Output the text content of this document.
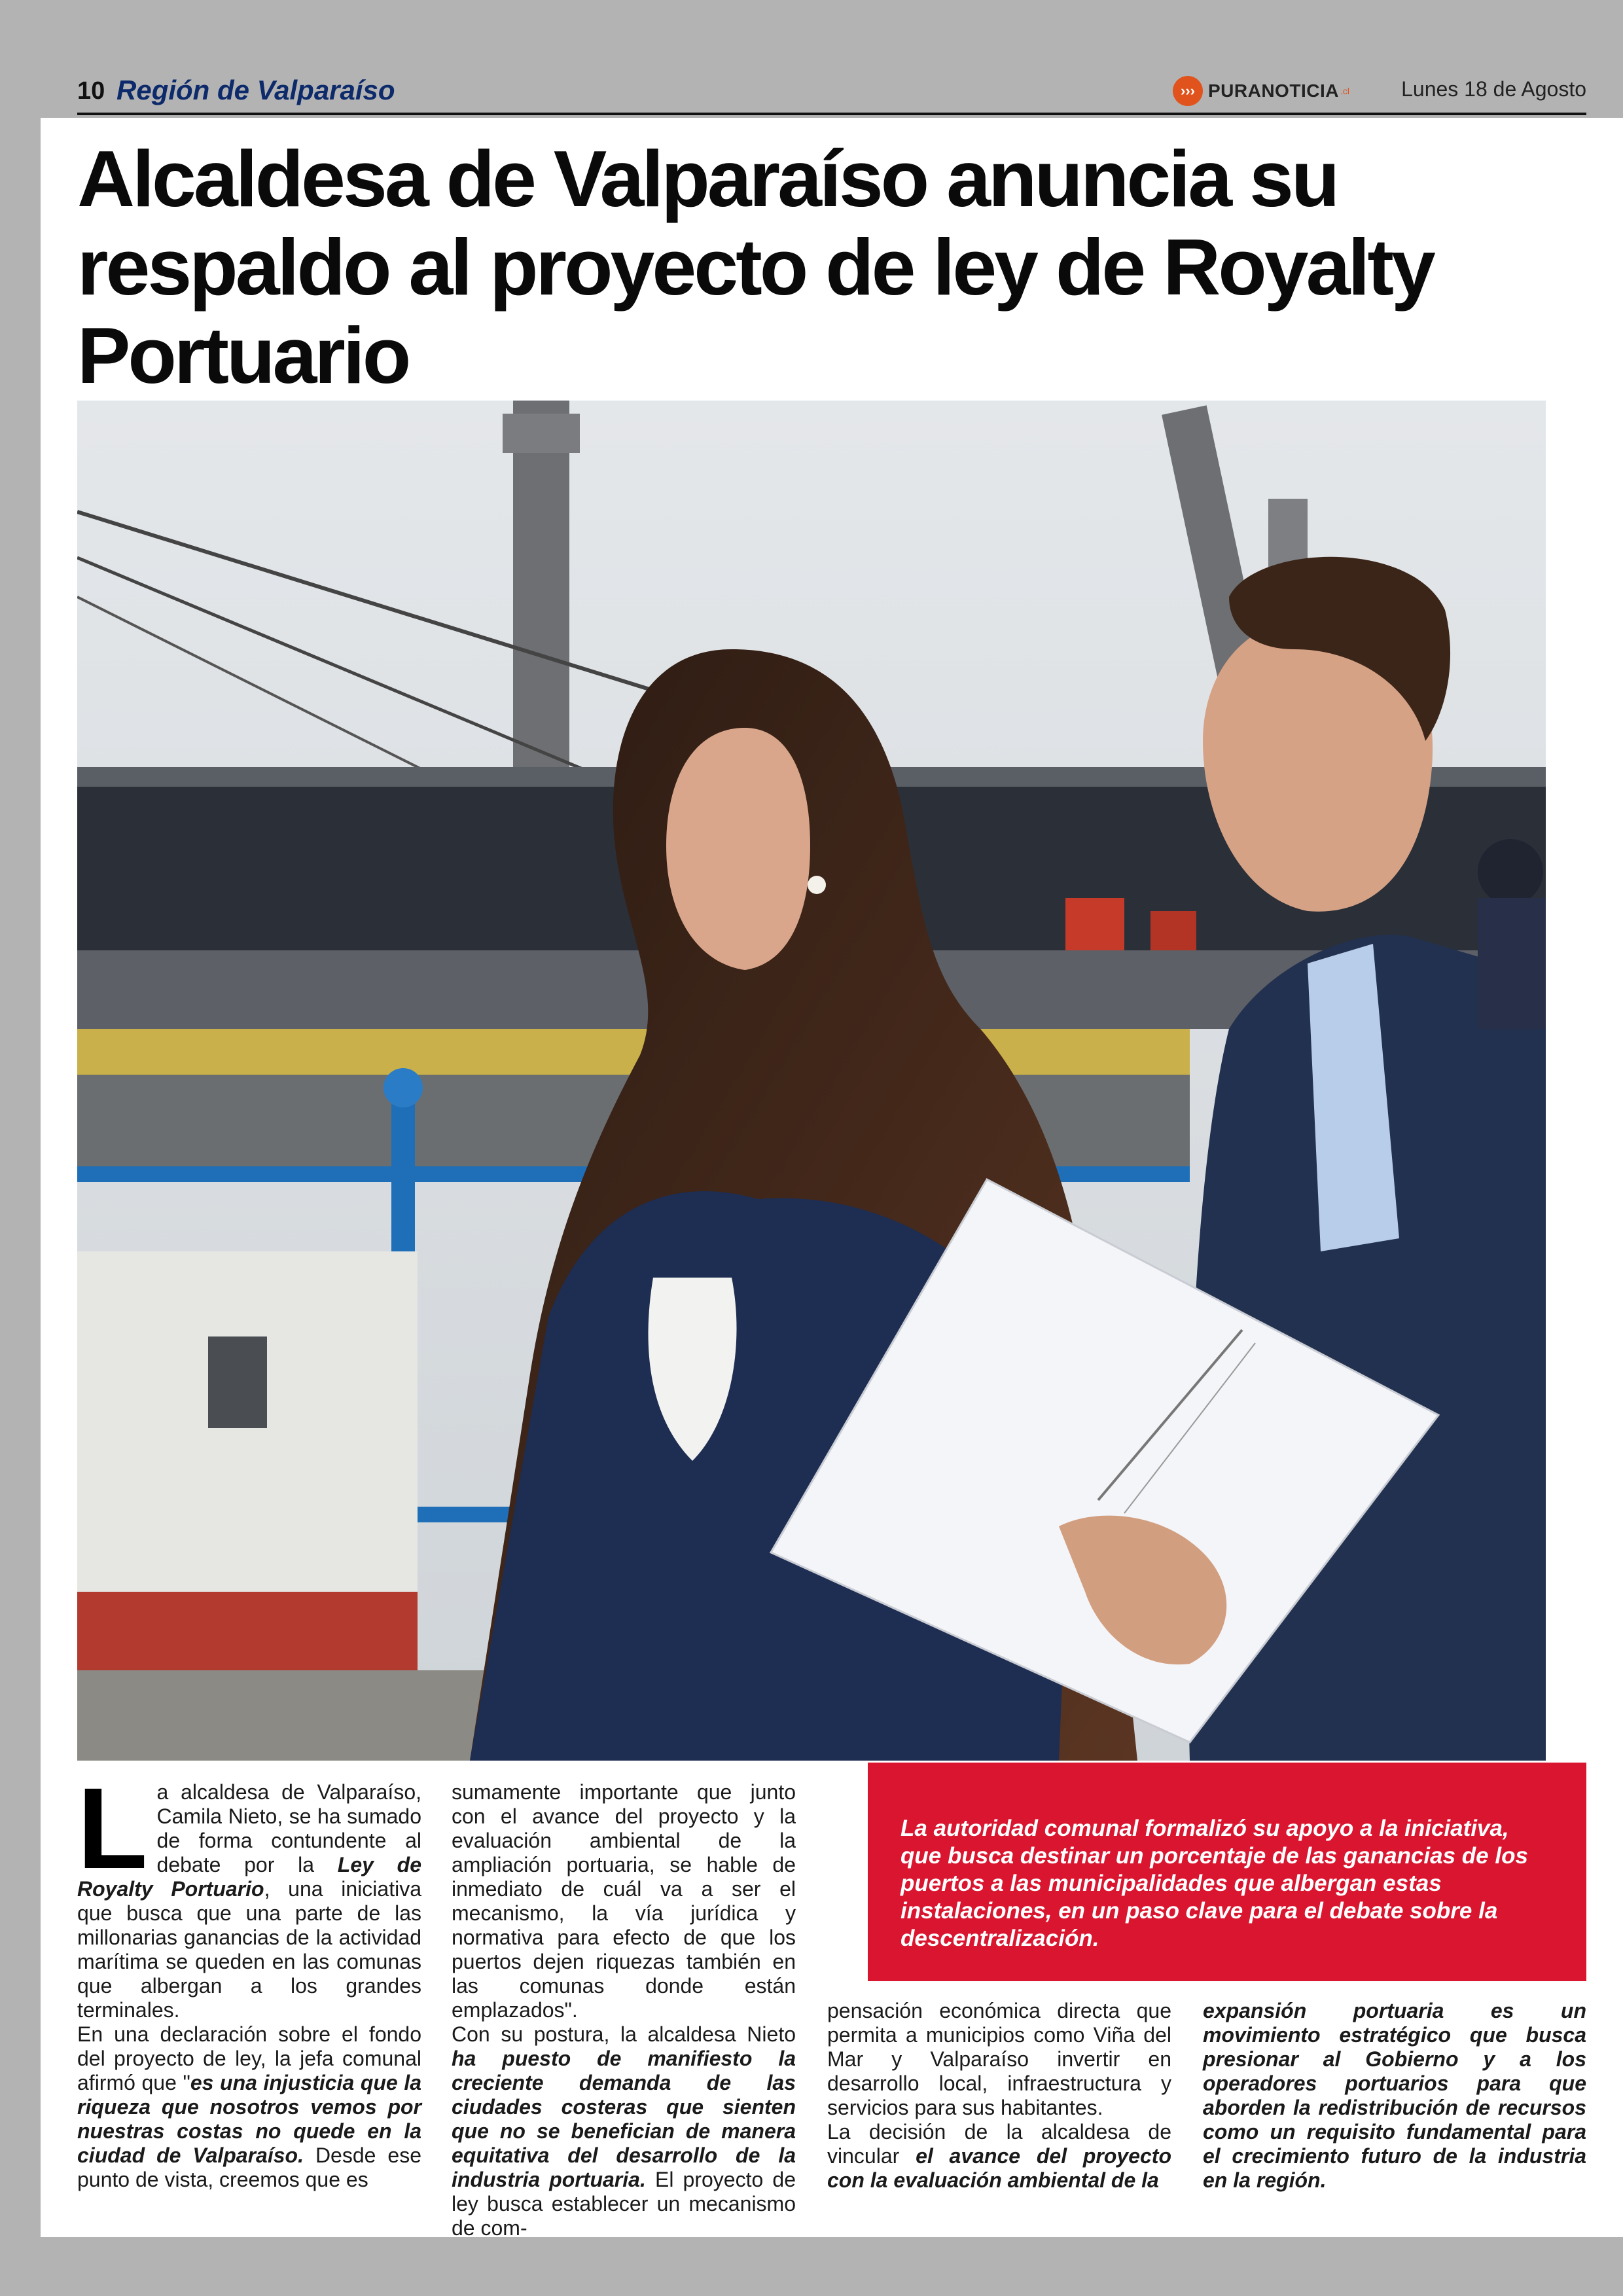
10 Región de Valparaíso	››› PURANOTICIA .cl Lunes 18 de Agosto
Alcaldesa de Valparaíso anuncia su respaldo al proyecto de ley de Royalty Portuario

La alcaldesa de Valparaíso, Camila Nieto, se ha sumado de forma contundente al debate por la Ley de Royalty Portuario, una iniciativa que busca que una parte de las millonarias ganancias de la actividad marítima se queden en las comunas que albergan a los grandes terminales.

En una declaración sobre el fondo del proyecto de ley, la jefa comunal afirmó que "es una injusticia que la riqueza que nosotros vemos por nuestras costas no quede en la ciudad de Valparaíso. Desde ese punto de vista, creemos que es

sumamente importante que junto con el avance del proyecto y la evaluación ambiental de la ampliación portuaria, se hable de inmediato de cuál va a ser el mecanismo, la vía jurídica y normativa para efecto de que los puertos dejen riquezas también en las comunas donde están emplazados".

Con su postura, la alcaldesa Nieto ha puesto de manifiesto la creciente demanda de las ciudades costeras que sienten que no se benefician de manera equitativa del desarrollo de la industria portuaria. El proyecto de ley busca establecer un mecanismo de com-

La autoridad comunal formalizó su apoyo a la iniciativa, que busca destinar un porcentaje de las ganancias de los puertos a las municipalidades que albergan estas instalaciones, en un paso clave para el debate sobre la descentralización.

pensación económica directa que permita a municipios como Viña del Mar y Valparaíso invertir en desarrollo local, infraestructura y servicios para sus habitantes.

La decisión de la alcaldesa de vincular el avance del proyecto con la evaluación ambiental de la

expansión portuaria es un movimiento estratégico que busca presionar al Gobierno y a los operadores portuarios para que aborden la redistribución de recursos como un requisito fundamental para el crecimiento futuro de la industria en la región.
